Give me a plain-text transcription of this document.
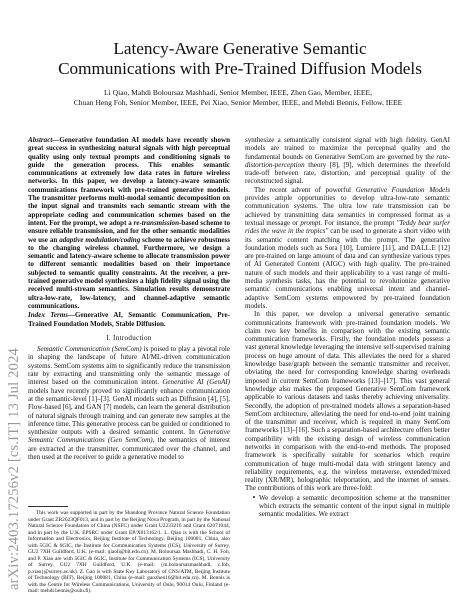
arXiv:2403.17256v2 [cs.IT] 13 Jul 2024
Latency-Aware Generative Semantic
Communications with Pre-Trained Diffusion Models
Li Qiao, Mahdi Boloursaz Mashhadi, Senior Member, IEEE, Zhen Gao, Member, IEEE,
Chuan Heng Foh, Senior Member, IEEE, Pei Xiao, Senior Member, IEEE, and Mehdi Bennis, Fellow, IEEE

Abstract—Generative foundation AI models have recently shown great success in synthesizing natural signals with high perceptual quality using only textual prompts and conditioning signals to guide the generation process. This enables semantic communications at extremely low data rates in future wireless networks. In this paper, we develop a latency-aware semantic communications framework with pre-trained generative models. The transmitter performs multi-modal semantic decomposition on the input signal and transmits each semantic stream with the appropriate coding and communication schemes based on the intent. For the prompt, we adopt a re-transmission-based scheme to ensure reliable transmission, and for the other semantic modalities we use an adaptive modulation/coding scheme to achieve robustness to the changing wireless channel. Furthermore, we design a semantic and latency-aware scheme to allocate transmission power to different semantic modalities based on their importance subjected to semantic quality constraints. At the receiver, a pre-trained generative model synthesizes a high fidelity signal using the received multi-stream semantics. Simulation results demonstrate ultra-low-rate, low-latency, and channel-adaptive semantic communications.

Index Terms—Generative AI, Semantic Communication, Pre-Trained Foundation Models, Stable Diffusion.

I. Introduction

Semantic Communication (SemCom) is poised to play a pivotal role in shaping the landscape of future AI/ML-driven communication systems. SemCom systems aim to significantly reduce the transmission rate by extracting and transmitting only the semantic message of interest based on the communication intent. Generative AI (GenAI) models have recently proved to significantly enhance communication at the semantic-level [1]–[3]. GenAI models such as Diffusion [4], [5], Flow-based [6], and GAN [7] models, can learn the general distribution of natural signals through training and can generate new samples at the inference time. This generative process can be guided or conditioned to synthesize outputs with a desired semantic content. In Generative Semantic Communications (Gen SemCom), the semantics of interest are extracted at the transmitter, communicated over the channel, and then used at the receiver to guide a generative model to

This work was supported in part by the Shandong Province Natural Science Foundation under Grant ZR2023QF013, and in part by the Beijing Nova Program, in part by the National Natural Science Foundation of China (NSFC) under Grant U2233216 and Grant 62071044, and in part by the U.K. EPSRC under Grant EP/X013162/1. L. Qiao is with the School of Information and Electronics, Beijing Institute of Technology, Beijing 100081, China, also with 5GIC & 6GIC, the Institute for Communication Systems (ICS), University of Surrey, GU2 7XH Guildford, U.K. (e-mail: qiaoli@bit.edu.cn). M. Boloursaz Mashhadi, C. H. Foh, and P. Xiao are with 5GIC & 6GIC, Institute for Communication Systems (ICS), University of Surrey, GU2 7XH Guildford, U.K. (e-mail: {m.boloursazmashhadi, c.foh, p.xiao}@surrey.ac.uk). Z. Gao is with State Key Laboratory of CNS/ATM, Beijing Institute of Technology (BIT), Beijing 100081, China (e-mail: gaozhen16@bit.edu.cn). M. Bennis is with the Centre for Wireless Communications, University of Oulu, 90014 Oulu, Finland (e-mail: mehdi.bennis@oulu.fi).

synthesize a semantically consistent signal with high fidelity. GenAI models are trained to maximize the perceptual quality and the fundamental bounds on Generative SemCom are governed by the rate-distortion-perception theory [8], [9], which determines the threefold trade-off between rate, distortion, and perceptual quality of the reconstructed signal.

The recent advent of powerful Generative Foundation Models provides ample opportunities to develop ultra-low-rate semantic communication systems. The ultra low rate transmission can be achieved by transmitting data semantics in compressed format as a textual message or prompt. For instance, the prompt "Teddy bear surfer rides the wave in the tropics" can be used to generate a short video with its semantic content matching with the prompt. The generative foundation models such as Sora [10], Lumiere [11], and DALL.E [12] are pre-trained on large amount of data and can synthesize various types of AI Generated Content (AIGC) with high quality. The pre-trained nature of such models and their applicability to a vast range of multi-media synthesis tasks, has the potential to revolutionize generative semantic communications enabling universal intent and channel-adaptive SemCom systems empowered by pre-trained foundation models.

In this paper, we develop a universal generative semantic communications framework with pre-trained foundation models. We claim two key benefits in comparison with the existing semantic communication frameworks. Firstly, the foundation models possess a vast general knowledge leveraging the intensive self-supervised training process on huge amount of data. This alleviates the need for a shared knowledge base/graph between the semantic transmitter and receiver, obviating the need for corresponding knowledge sharing overheads imposed in current SemCom frameworks [13]–[17]. This vast general knowledge also makes the proposed Generative SemCom framework applicable to various datasets and tasks thereby achieving universality. Secondly, the adoption of pre-trained models allows a separation-based SemCom architecture, alleviating the need for end-to-end joint training of the transmitter and receiver, which is required in many SemCom frameworks [13]–[16]. Such a separation-based architecture offers better compatibility with the existing design of wireless communication networks in comparison with the end-to-end methods. The proposed framework is specifically suitable for scenarios which require communication of huge multi-modal data with stringent latency and reliability requirements, e.g. the wireless metaverse, extended/mixed reality (XR/MR), holographic teleportation, and the internet of senses. The contributions of this work are three-fold:

• We develop a semantic decomposition scheme at the transmitter which extracts the semantic content of the input signal in multiple semantic modalities. We extract
